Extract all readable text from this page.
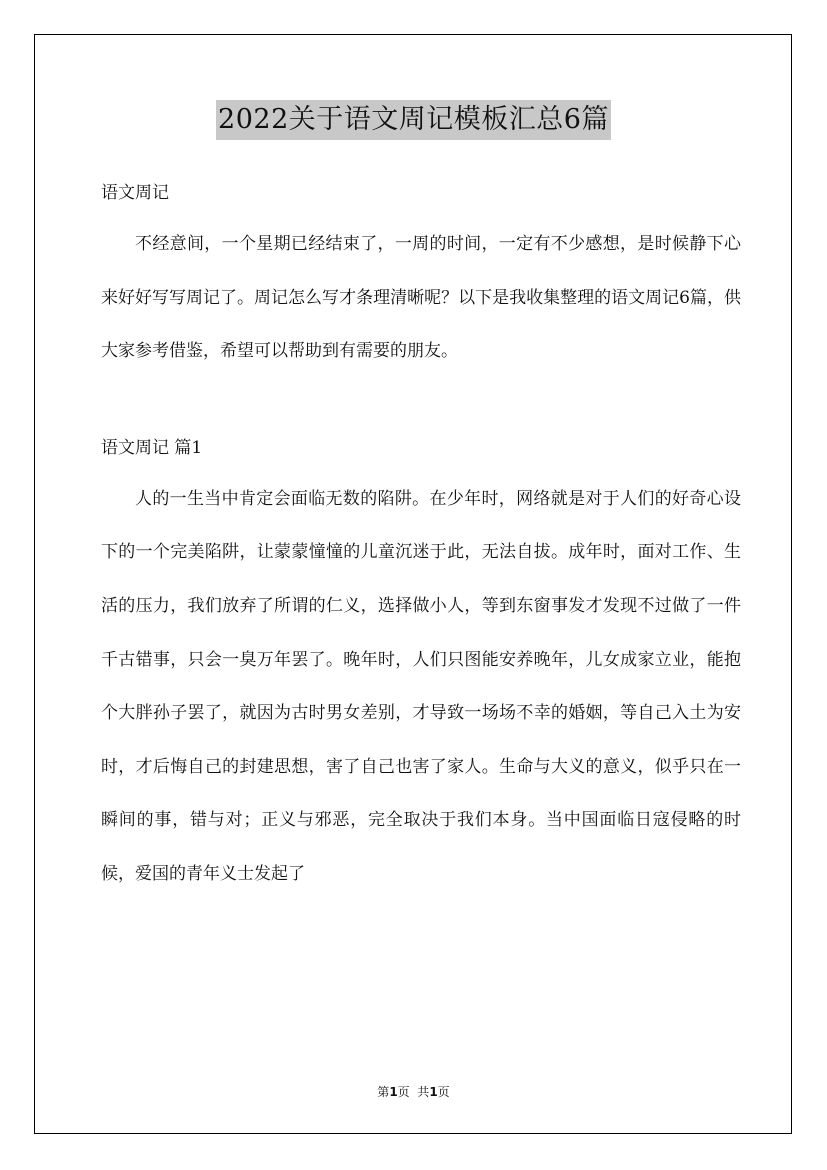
2022关于语文周记模板汇总6篇

语文周记

不经意间，一个星期已经结束了，一周的时间，一定有不少感想，是时候静下心来好好写写周记了。周记怎么写才条理清晰呢？以下是我收集整理的语文周记6篇，供大家参考借鉴，希望可以帮助到有需要的朋友。

语文周记 篇1

人的一生当中肯定会面临无数的陷阱。在少年时，网络就是对于人们的好奇心设下的一个完美陷阱，让蒙蒙憧憧的儿童沉迷于此，无法自拔。成年时，面对工作、生活的压力，我们放弃了所谓的仁义，选择做小人，等到东窗事发才发现不过做了一件千古错事，只会一臭万年罢了。晚年时，人们只图能安养晚年，儿女成家立业，能抱个大胖孙子罢了，就因为古时男女差别，才导致一场场不幸的婚姻，等自己入土为安时，才后悔自己的封建思想，害了自己也害了家人。生命与大义的意义，似乎只在一瞬间的事，错与对；正义与邪恶，完全取决于我们本身。当中国面临日寇侵略的时候，爱国的青年义士发起了

第1页  共1页
